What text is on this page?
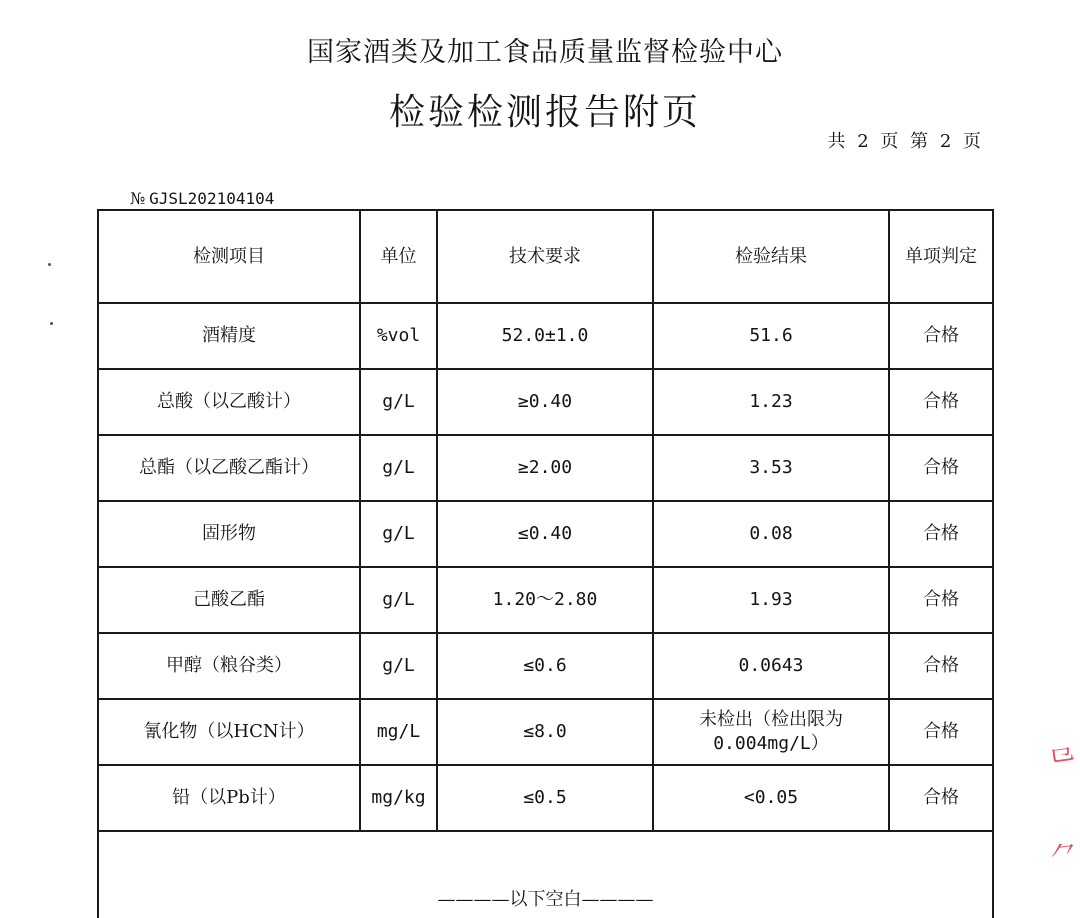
国家酒类及加工食品质量监督检验中心
检验检测报告附页
共 2 页 第 2 页
№ GJSL202104104
检测项目	单位	技术要求	检验结果	单项判定
酒精度	%vol	52.0±1.0	51.6	合格
总酸（以乙酸计）	g/L	≥0.40	1.23	合格
总酯（以乙酸乙酯计）	g/L	≥2.00	3.53	合格
固形物	g/L	≤0.40	0.08	合格
己酸乙酯	g/L	1.20～2.80	1.93	合格
甲醇（粮谷类）	g/L	≤0.6	0.0643	合格
氰化物（以HCN计）	mg/L	≤8.0	未检出（检出限为0.004mg/L）	合格
铅（以Pb计）	mg/kg	≤0.5	<0.05	合格
————以下空白————				
⺋
⺈
